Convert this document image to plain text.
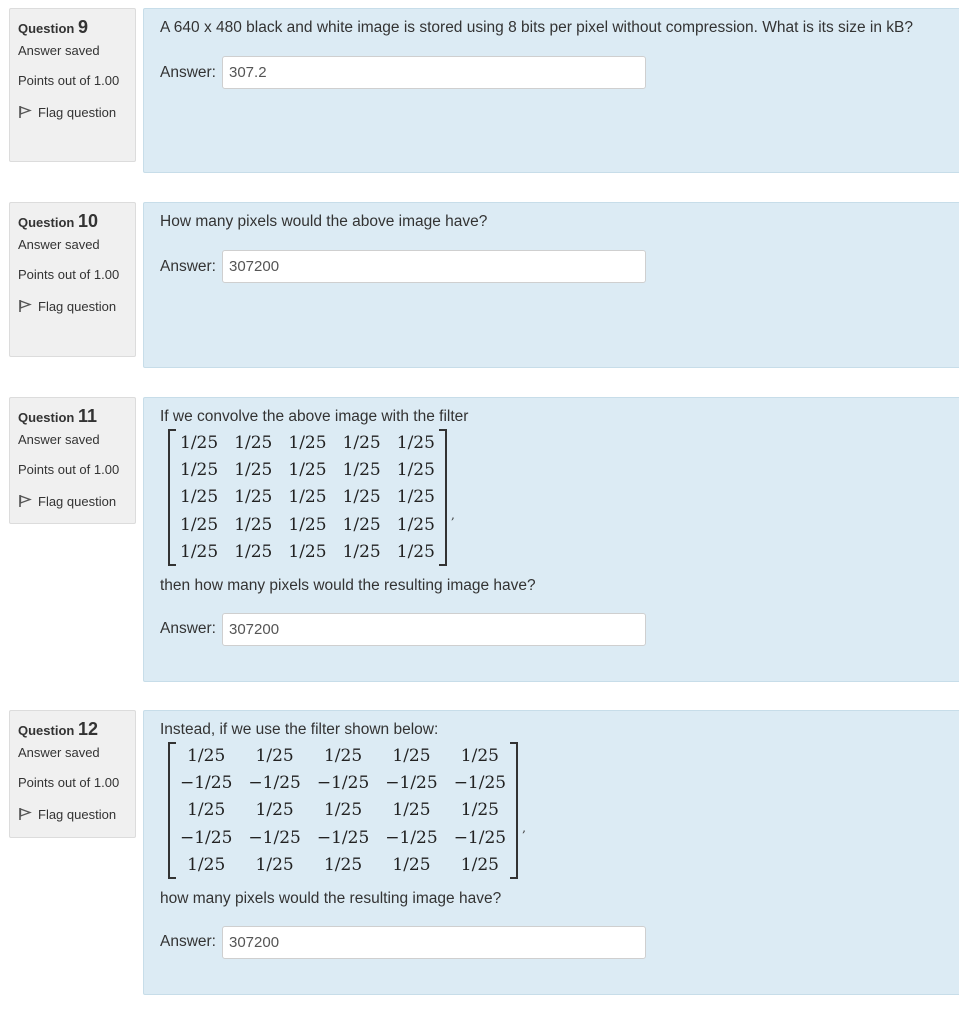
Question 9
Answer saved
Points out of 1.00
Flag question
A 640 x 480 black and white image is stored using 8 bits per pixel without compression. What is its size in kB?
Answer: 307.2
Question 10
Answer saved
Points out of 1.00
Flag question
How many pixels would the above image have?
Answer: 307200
Question 11
Answer saved
Points out of 1.00
Flag question
If we convolve the above image with the filter
1/25	1/25	1/25	1/25	1/25
1/25	1/25	1/25	1/25	1/25
1/25	1/25	1/25	1/25	1/25
1/25	1/25	1/25	1/25	1/25
1/25	1/25	1/25	1/25	1/25
,
then how many pixels would the resulting image have?
Answer: 307200
Question 12
Answer saved
Points out of 1.00
Flag question
Instead, if we use the filter shown below:
1/25	1/25	1/25	1/25	1/25
−1/25	−1/25	−1/25	−1/25	−1/25
1/25	1/25	1/25	1/25	1/25
−1/25	−1/25	−1/25	−1/25	−1/25
1/25	1/25	1/25	1/25	1/25
,
how many pixels would the resulting image have?
Answer: 307200
